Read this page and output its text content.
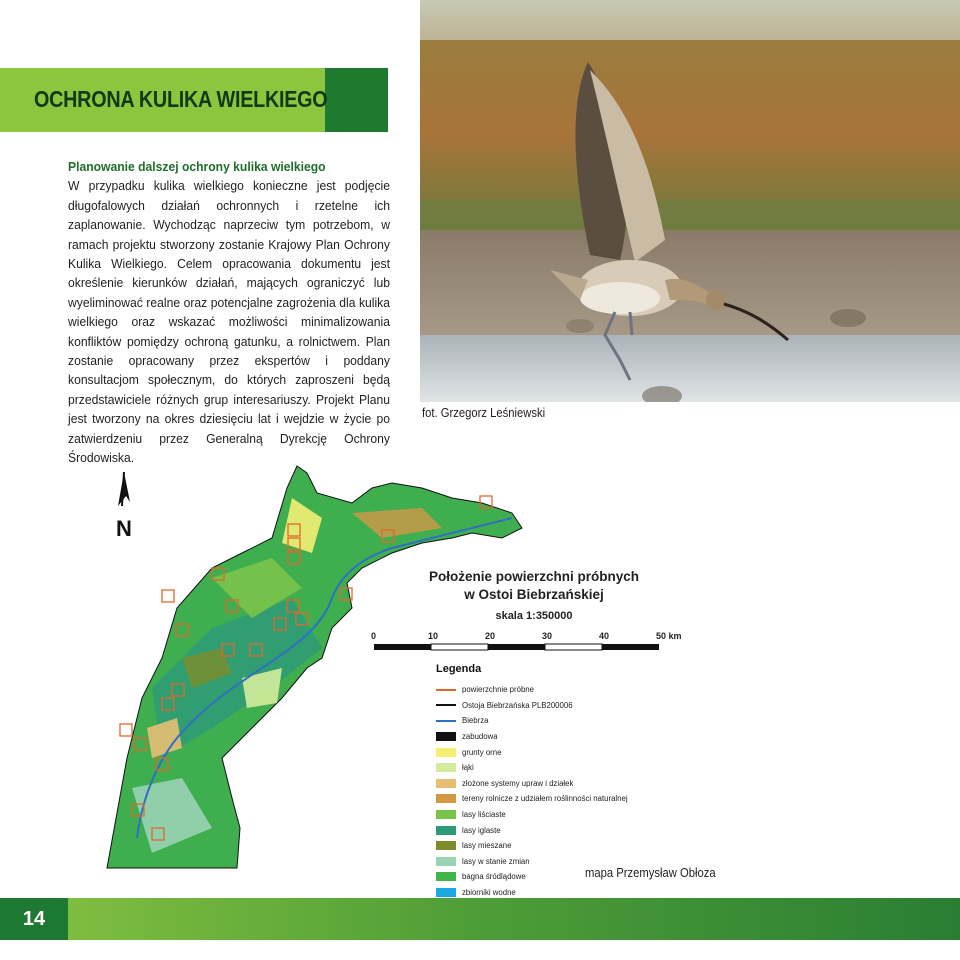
OCHRONA KULIKA WIELKIEGO
Planowanie dalszej ochrony kulika wielkiego
W przypadku kulika wielkiego konieczne jest podjęcie długofalowych działań ochronnych i rzetelne ich zaplanowanie. Wychodząc naprzeciw tym potrzebom, w ramach projektu stworzony zostanie Krajowy Plan Ochrony Kulika Wielkiego. Celem opracowania dokumentu jest określenie kierunków działań, mających ograniczyć lub wyeliminować realne oraz potencjalne zagrożenia dla kulika wielkiego oraz wskazać możliwości minimalizowania konfliktów pomiędzy ochroną gatunku, a rolnictwem. Plan zostanie opracowany przez ekspertów i poddany konsultacjom społecznym, do których zaproszeni będą przedstawiciele różnych grup interesariuszy. Projekt Planu jest tworzony na okres dziesięciu lat i wejdzie w życie po zatwierdzeniu przez Generalną Dyrekcję Ochrony Środowiska.
fot. Grzegorz Leśniewski
N
Położenie powierzchni próbnych
w Ostoi Biebrzańskiej
skala 1:350000
0	10	20	30	40	50 km
Legenda
powierzchnie próbne
Ostoja Biebrzańska PLB200006
Biebrza
zabudowa
grunty orne
łąki
złożone systemy upraw i działek
tereny rolnicze z udziałem roślinności naturalnej
lasy liściaste
lasy iglaste
lasy mieszane
lasy w stanie zmian
bagna śródlądowe
zbiorniki wodne
mapa Przemysław Obłoza
14
